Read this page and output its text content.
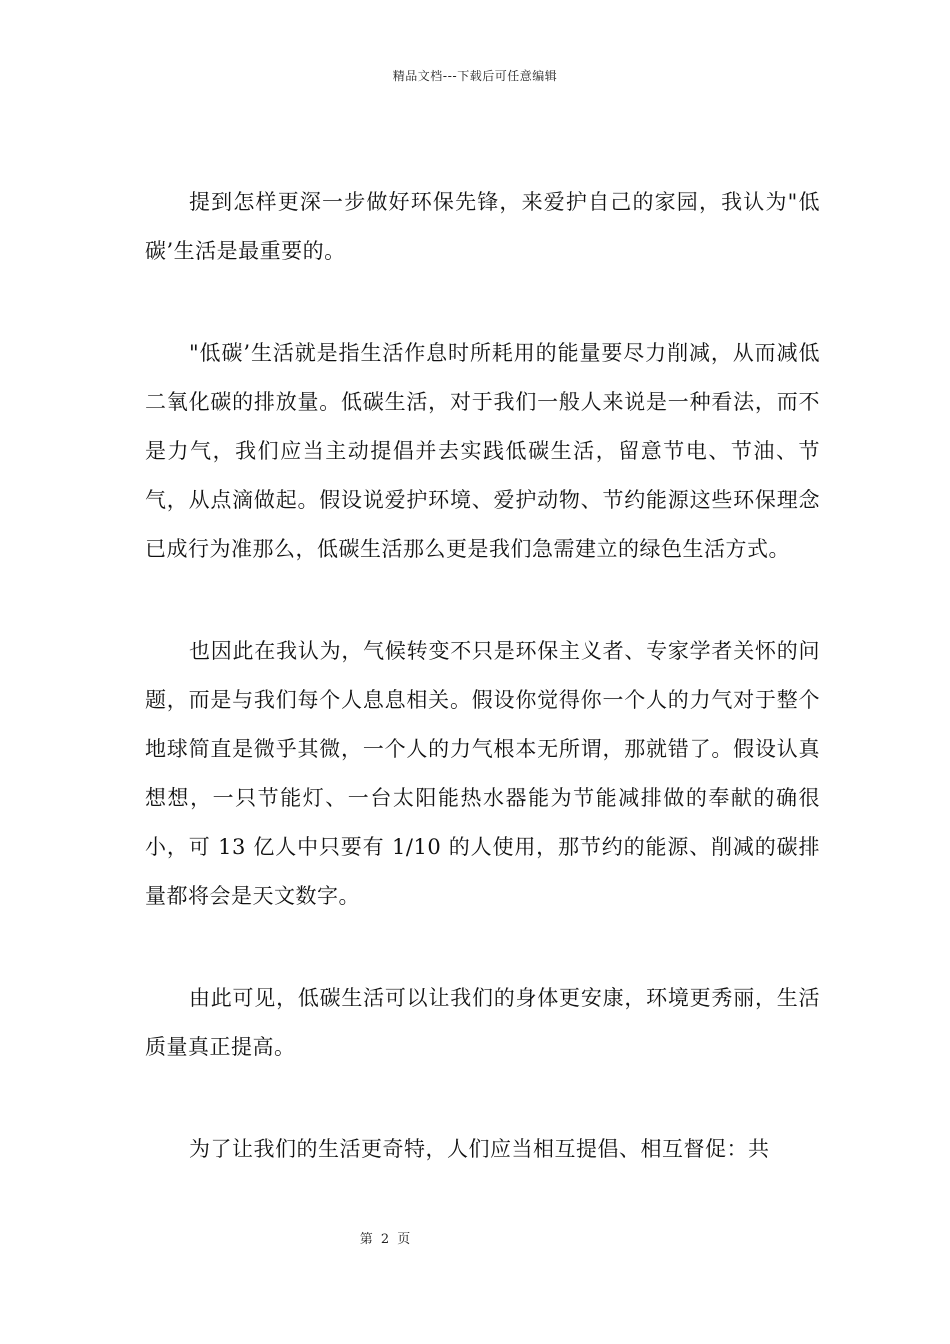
精品文档---下载后可任意编辑

提到怎样更深一步做好环保先锋，来爱护自己的家园，我认为"低碳’生活是最重要的。

"低碳’生活就是指生活作息时所耗用的能量要尽力削减，从而减低二氧化碳的排放量。低碳生活，对于我们一般人来说是一种看法，而不是力气，我们应当主动提倡并去实践低碳生活，留意节电、节油、节气，从点滴做起。假设说爱护环境、爱护动物、节约能源这些环保理念已成行为准那么，低碳生活那么更是我们急需建立的绿色生活方式。

也因此在我认为，气候转变不只是环保主义者、专家学者关怀的问题，而是与我们每个人息息相关。假设你觉得你一个人的力气对于整个地球简直是微乎其微，一个人的力气根本无所谓，那就错了。假设认真想想，一只节能灯、一台太阳能热水器能为节能减排做的奉献的确很小，可 13 亿人中只要有 1/10 的人使用，那节约的能源、削减的碳排量都将会是天文数字。

由此可见，低碳生活可以让我们的身体更安康，环境更秀丽，生活质量真正提高。

为了让我们的生活更奇特，人们应当相互提倡、相互督促：共

第 2 页
